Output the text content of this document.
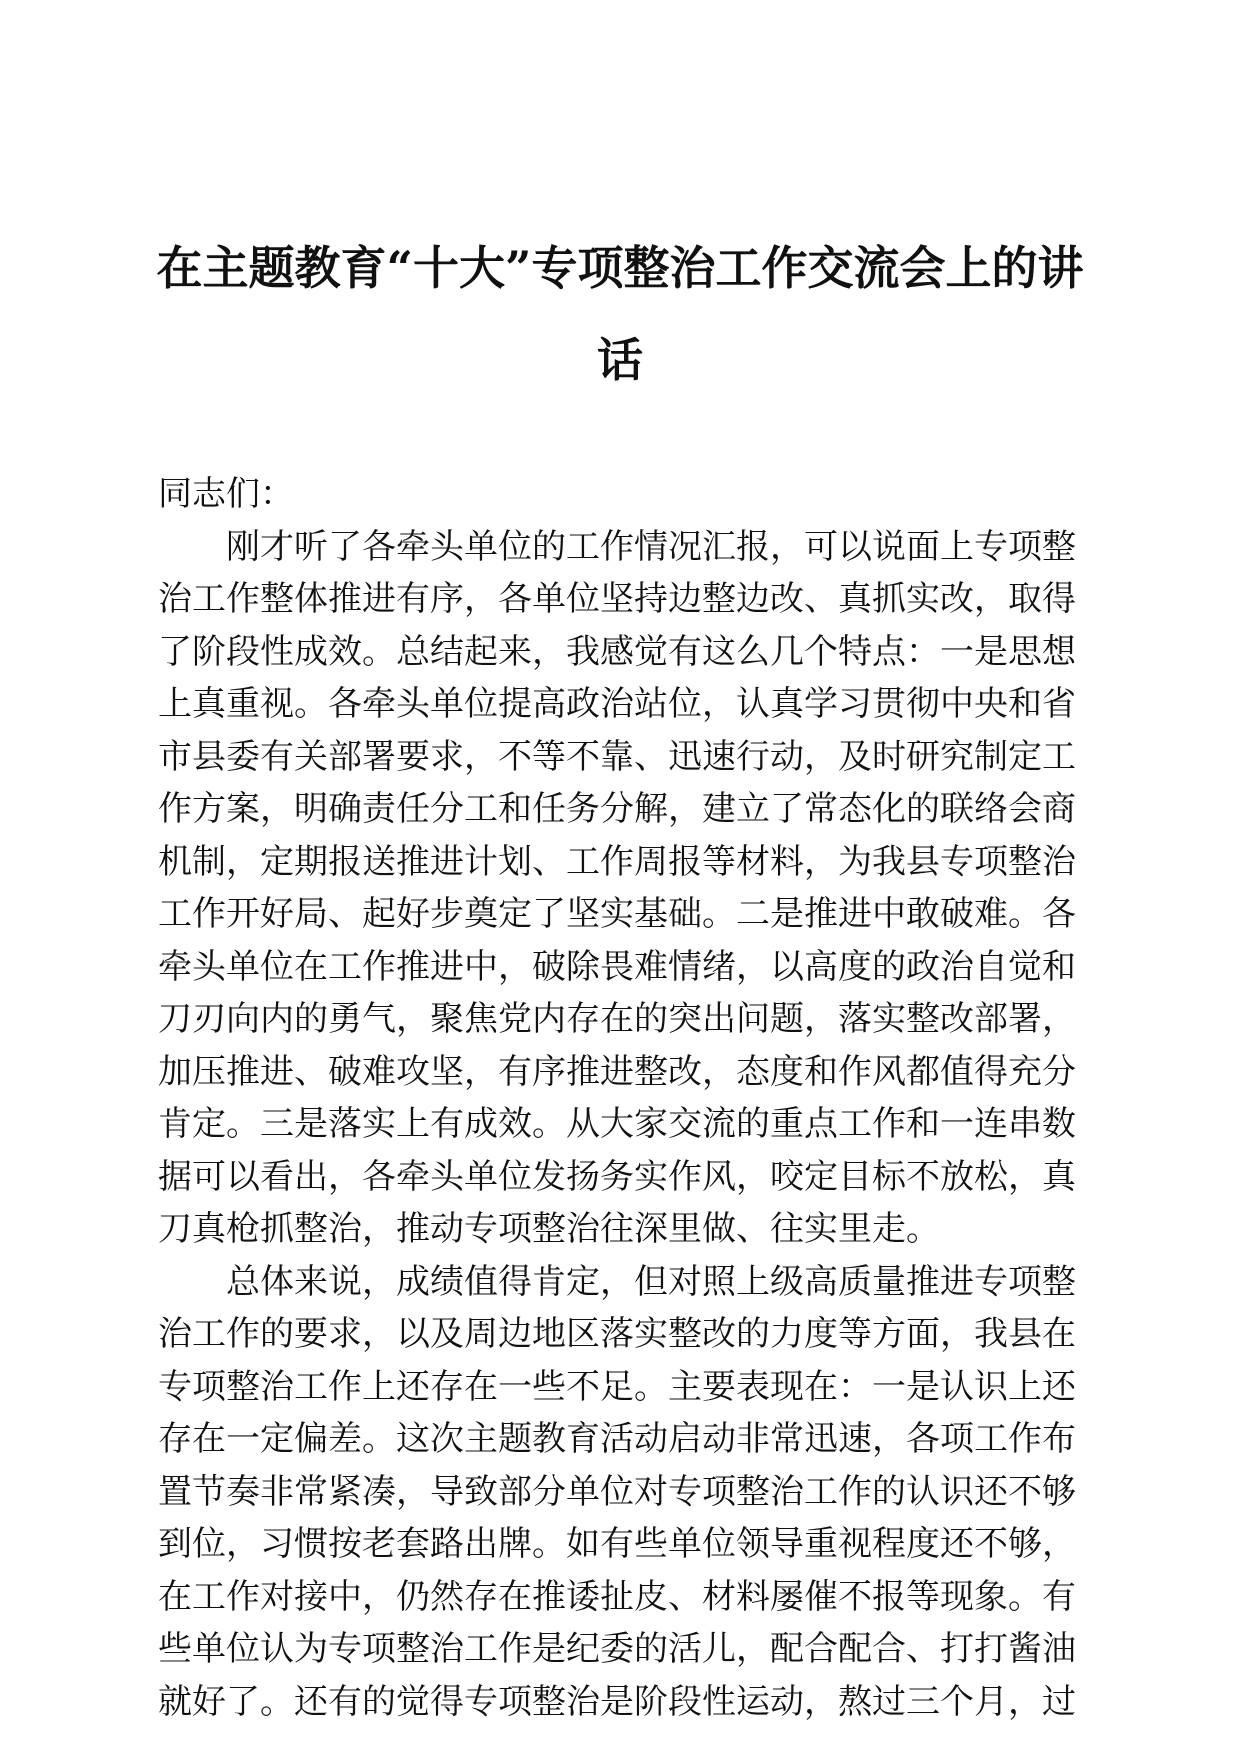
在主题教育“十大”专项整治工作交流会上的讲话

同志们：

刚才听了各牵头单位的工作情况汇报，可以说面上专项整治工作整体推进有序，各单位坚持边整边改、真抓实改，取得了阶段性成效。总结起来，我感觉有这么几个特点：一是思想上真重视。各牵头单位提高政治站位，认真学习贯彻中央和省市县委有关部署要求，不等不靠、迅速行动，及时研究制定工作方案，明确责任分工和任务分解，建立了常态化的联络会商机制，定期报送推进计划、工作周报等材料，为我县专项整治工作开好局、起好步奠定了坚实基础。二是推进中敢破难。各牵头单位在工作推进中，破除畏难情绪，以高度的政治自觉和刀刃向内的勇气，聚焦党内存在的突出问题，落实整改部署，加压推进、破难攻坚，有序推进整改，态度和作风都值得充分肯定。三是落实上有成效。从大家交流的重点工作和一连串数据可以看出，各牵头单位发扬务实作风，咬定目标不放松，真刀真枪抓整治，推动专项整治往深里做、往实里走。

总体来说，成绩值得肯定，但对照上级高质量推进专项整治工作的要求，以及周边地区落实整改的力度等方面，我县在专项整治工作上还存在一些不足。主要表现在：一是认识上还存在一定偏差。这次主题教育活动启动非常迅速，各项工作布置节奏非常紧凑，导致部分单位对专项整治工作的认识还不够到位，习惯按老套路出牌。如有些单位领导重视程度还不够，在工作对接中，仍然存在推诿扯皮、材料屡催不报等现象。有些单位认为专项整治工作是纪委的活儿，配合配合、打打酱油就好了。还有的觉得专项整治是阶段性运动，熬过三个月，过
